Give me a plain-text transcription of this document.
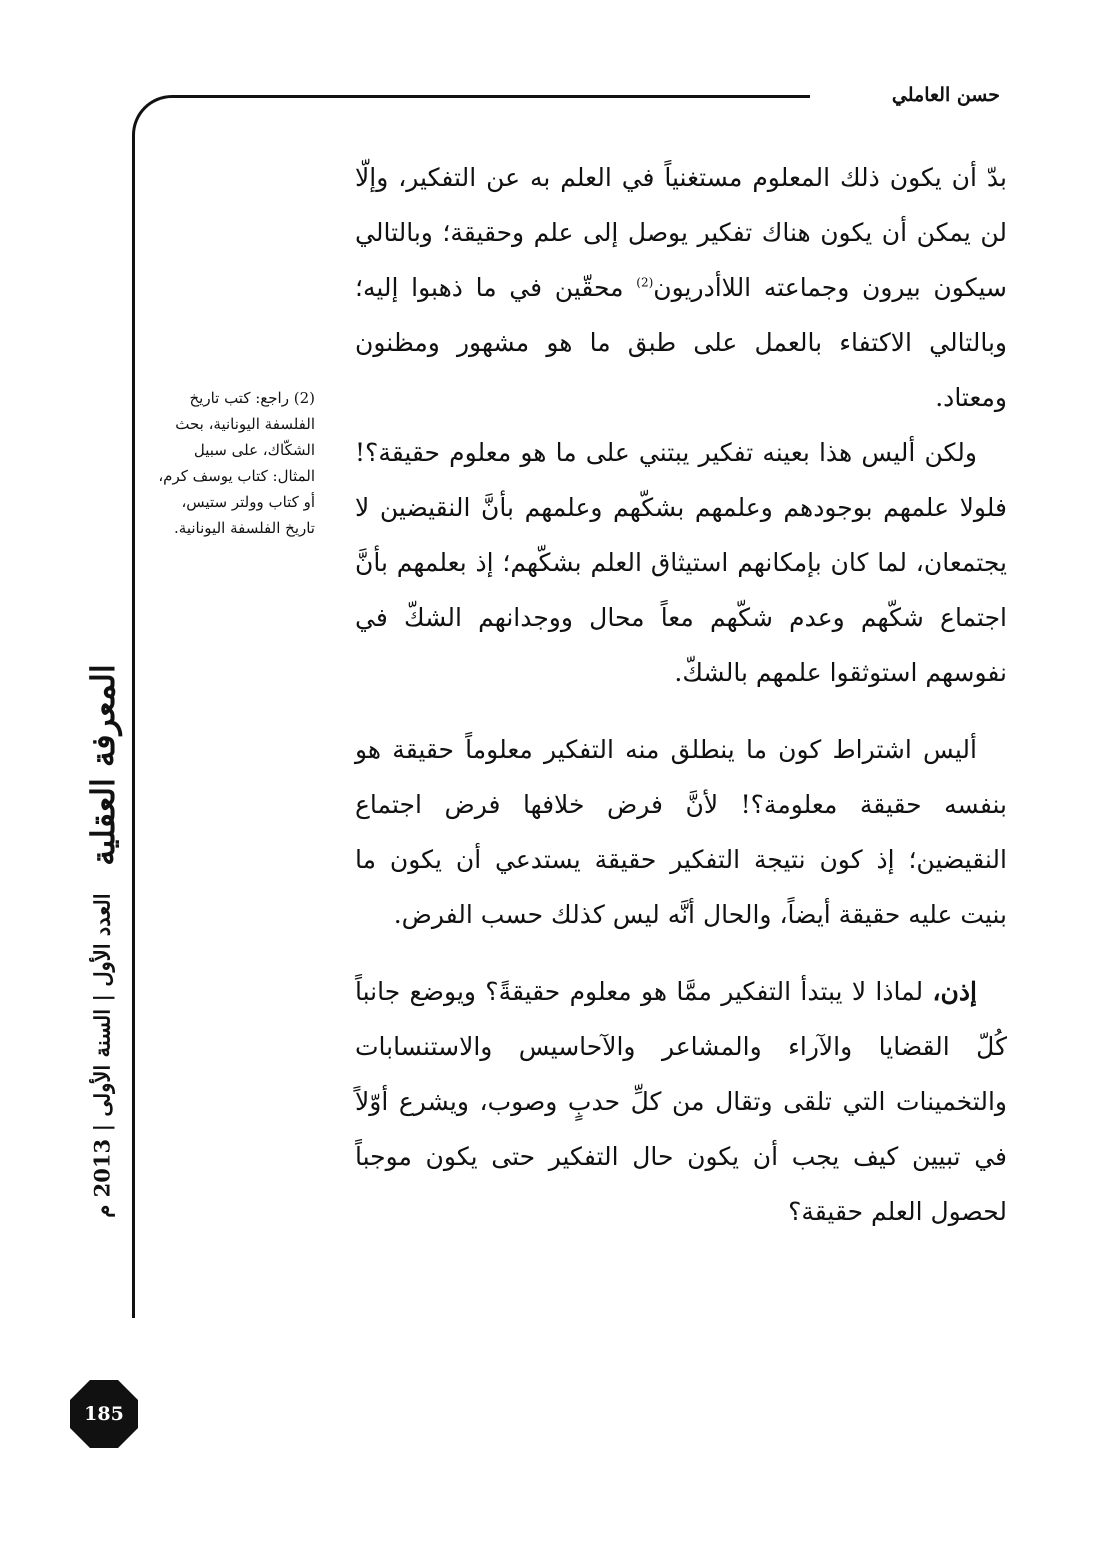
حسن العاملي

بدّ أن يكون ذلك المعلوم مستغنياً في العلم به عن التفكير، وإلّا لن يمكن أن يكون هناك تفكير يوصل إلى علم وحقيقة؛ وبالتالي سيكون بيرون وجماعته اللاأدريون$^{(2)}$ محقّين في ما ذهبوا إليه؛ وبالتالي الاكتفاء بالعمل على طبق ما هو مشهور ومظنون ومعتاد.

ولكن أليس هذا بعينه تفكير يبتني على ما هو معلوم حقيقة؟! فلولا علمهم بوجودهم وعلمهم بشكّهم وعلمهم بأنَّ النقيضين لا يجتمعان، لما كان بإمكانهم استيثاق العلم بشكّهم؛ إذ بعلمهم بأنَّ اجتماع شكّهم وعدم شكّهم معاً محال ووجدانهم الشكّ في نفوسهم استوثقوا علمهم بالشكّ.

أليس اشتراط كون ما ينطلق منه التفكير معلوماً حقيقة هو بنفسه حقيقة معلومة؟! لأنَّ فرض خلافها فرض اجتماع النقيضين؛ إذ كون نتيجة التفكير حقيقة يستدعي أن يكون ما بنيت عليه حقيقة أيضاً، والحال أنَّه ليس كذلك حسب الفرض.

إذن، لماذا لا يبتدأ التفكير ممَّا هو معلوم حقيقةً؟ ويوضع جانباً كُلّ القضايا والآراء والمشاعر والآحاسيس والاستنسابات والتخمينات التي تلقى وتقال من كلِّ حدبٍ وصوب، ويشرع أوّلاً في تبيين كيف يجب أن يكون حال التفكير حتى يكون موجباً لحصول العلم حقيقة؟

(2) راجع: كتب تاريخ الفلسفة اليونانية، بحث الشكّاك، على سبيل المثال: كتاب يوسف كرم، أو كتاب وولتر ستيس، تاريخ الفلسفة اليونانية.
المعرفة العقلية
العدد الأول | السنة الأولى | 2013 م
185
